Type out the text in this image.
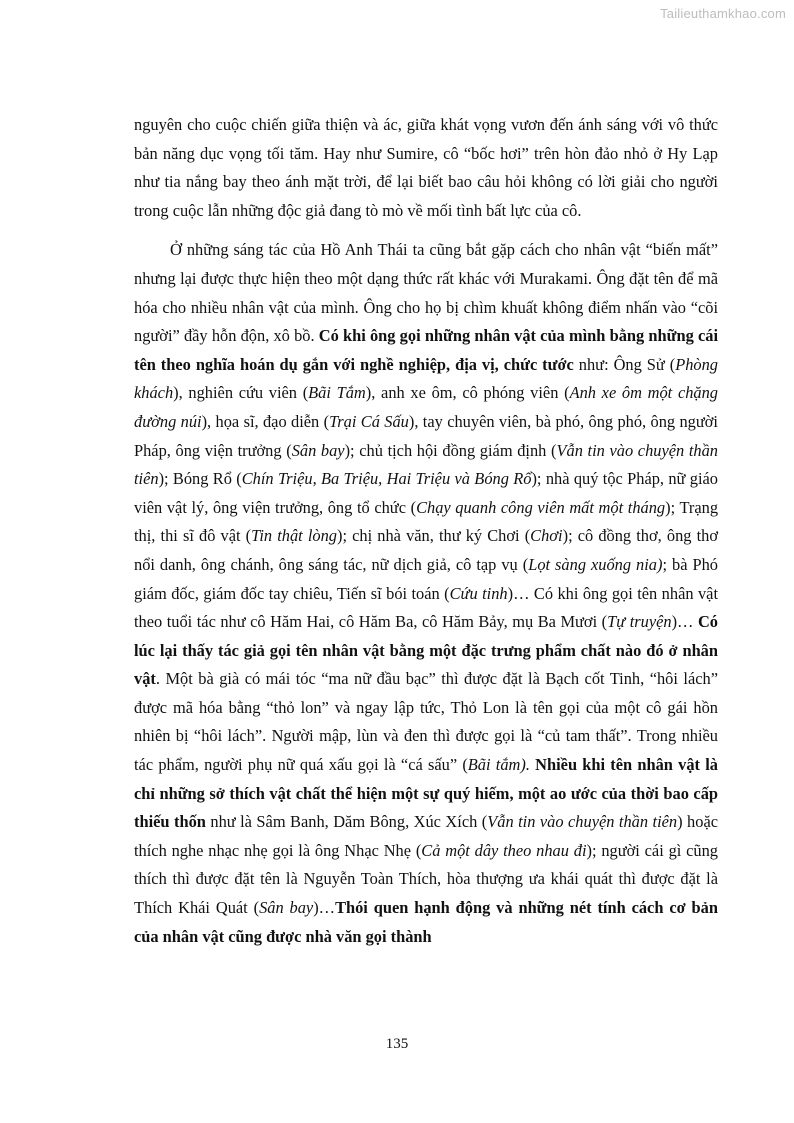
Tailieuthamkhao.com

nguyên cho cuộc chiến giữa thiện và ác, giữa khát vọng vươn đến ánh sáng với vô thức bản năng dục vọng tối tăm. Hay như Sumire, cô “bốc hơi” trên hòn đảo nhỏ ở Hy Lạp như tia nắng bay theo ánh mặt trời, để lại biết bao câu hỏi không có lời giải cho người trong cuộc lẫn những độc giả đang tò mò về mối tình bất lực của cô.

Ở những sáng tác của Hồ Anh Thái ta cũng bắt gặp cách cho nhân vật “biến mất” nhưng lại được thực hiện theo một dạng thức rất khác với Murakami. Ông đặt tên để mã hóa cho nhiều nhân vật của mình. Ông cho họ bị chìm khuất không điểm nhấn vào “cõi người” đầy hỗn độn, xô bồ. Có khi ông gọi những nhân vật của mình bằng những cái tên theo nghĩa hoán dụ gắn với nghề nghiệp, địa vị, chức tước như: Ông Sử (Phòng khách), nghiên cứu viên (Bãi Tắm), anh xe ôm, cô phóng viên (Anh xe ôm một chặng đường núi), họa sĩ, đạo diễn (Trại Cá Sấu), tay chuyên viên, bà phó, ông phó, ông người Pháp, ông viện trưởng (Sân bay); chủ tịch hội đồng giám định (Vẫn tin vào chuyện thần tiên); Bóng Rổ (Chín Triệu, Ba Triệu, Hai Triệu và Bóng Rổ); nhà quý tộc Pháp, nữ giáo viên vật lý, ông viện trưởng, ông tổ chức (Chạy quanh công viên mất một tháng); Trạng thị, thi sĩ đô vật (Tin thật lòng); chị nhà văn, thư ký Chơi (Chơi); cô đồng thơ, ông thơ nổi danh, ông chánh, ông sáng tác, nữ dịch giả, cô tạp vụ (Lọt sàng xuống nia); bà Phó giám đốc, giám đốc tay chiêu, Tiến sĩ bói toán (Cứu tinh)… Có khi ông gọi tên nhân vật theo tuổi tác như cô Hăm Hai, cô Hăm Ba, cô Hăm Bảy, mụ Ba Mươi (Tự truyện)… Có lúc lại thấy tác giả gọi tên nhân vật bằng một đặc trưng phẩm chất nào đó ở nhân vật. Một bà già có mái tóc “ma nữ đầu bạc” thì được đặt là Bạch cốt Tinh, “hôi lách” được mã hóa bằng “thỏ lon” và ngay lập tức, Thỏ Lon là tên gọi của một cô gái hồn nhiên bị “hôi lách”. Người mập, lùn và đen thì được gọi là “củ tam thất”. Trong nhiều tác phẩm, người phụ nữ quá xấu gọi là “cá sấu” (Bãi tắm). Nhiều khi tên nhân vật là chỉ những sở thích vật chất thể hiện một sự quý hiếm, một ao ước của thời bao cấp thiếu thốn như là Sâm Banh, Dăm Bông, Xúc Xích (Vẫn tin vào chuyện thần tiên) hoặc thích nghe nhạc nhẹ gọi là ông Nhạc Nhẹ (Cả một dây theo nhau đi); người cái gì cũng thích thì được đặt tên là Nguyễn Toàn Thích, hòa thượng ưa khái quát thì được đặt là Thích Khái Quát (Sân bay)…Thói quen hạnh động và những nét tính cách cơ bản của nhân vật cũng được nhà văn gọi thành

135
